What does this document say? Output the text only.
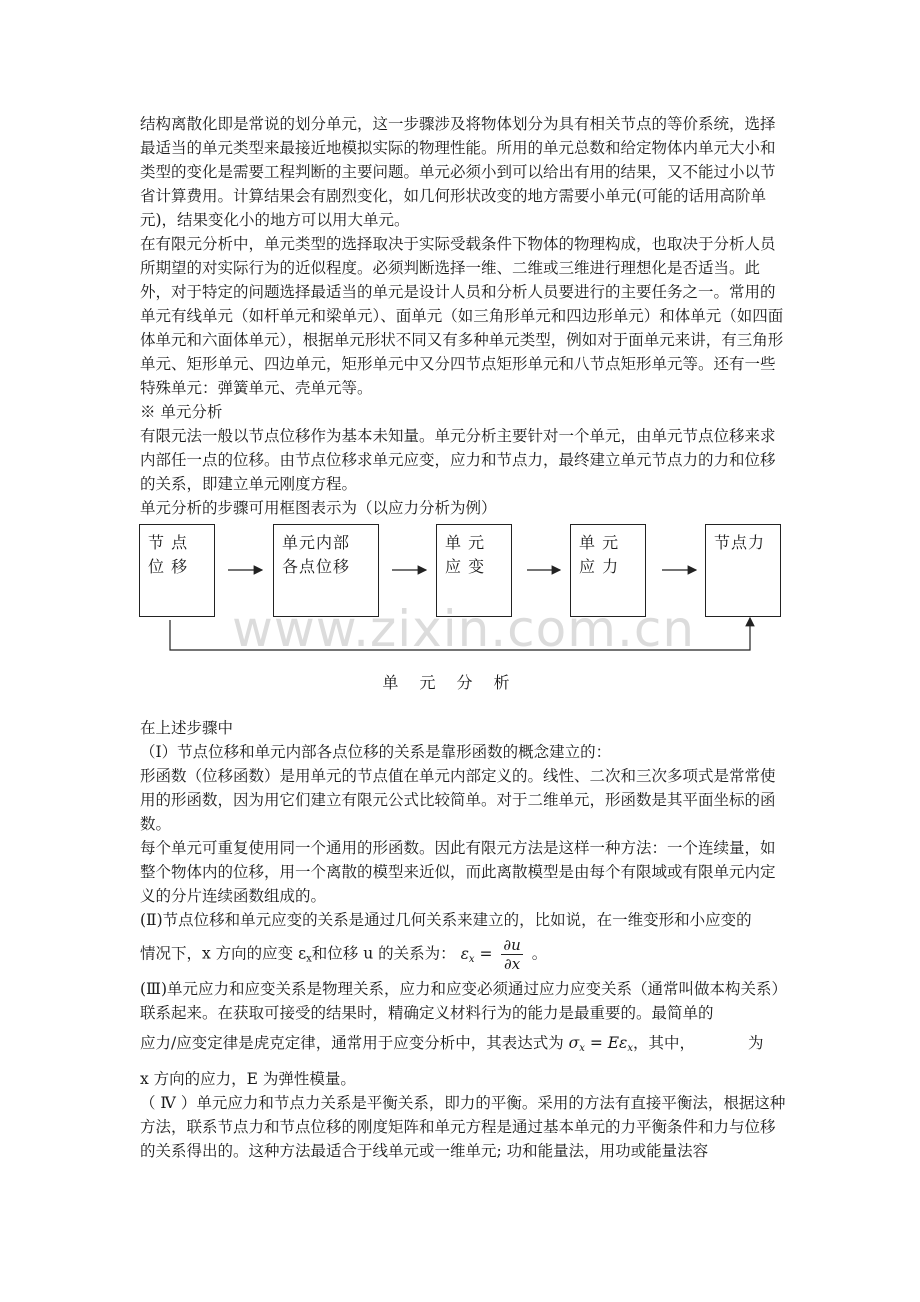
结构离散化即是常说的划分单元，这一步骤涉及将物体划分为具有相关节点的等价系统，选择最适当的单元类型来最接近地模拟实际的物理性能。所用的单元总数和给定物体内单元大小和类型的变化是需要工程判断的主要问题。单元必须小到可以给出有用的结果，又不能过小以节省计算费用。计算结果会有剧烈变化，如几何形状改变的地方需要小单元(可能的话用高阶单元)，结果变化小的地方可以用大单元。

在有限元分析中，单元类型的选择取决于实际受载条件下物体的物理构成，也取决于分析人员所期望的对实际行为的近似程度。必须判断选择一维、二维或三维进行理想化是否适当。此外，对于特定的问题选择最适当的单元是设计人员和分析人员要进行的主要任务之一。常用的单元有线单元（如杆单元和梁单元）、面单元（如三角形单元和四边形单元）和体单元（如四面体单元和六面体单元），根据单元形状不同又有多种单元类型，例如对于面单元来讲，有三角形单元、矩形单元、四边单元，矩形单元中又分四节点矩形单元和八节点矩形单元等。还有一些特殊单元：弹簧单元、壳单元等。

※ 单元分析

有限元法一般以节点位移作为基本未知量。单元分析主要针对一个单元，由单元节点位移来求内部任一点的位移。由节点位移求单元应变，应力和节点力，最终建立单元节点力的力和位移的关系，即建立单元刚度方程。

单元分析的步骤可用框图表示为（以应力分析为例）

www.zixin.com.cn
节 点
位 移
单元内部
各点位移
单 元
应 变
单 元
应 力
节点力
单 元 分 析

在上述步骤中

（Ⅰ）节点位移和单元内部各点位移的关系是靠形函数的概念建立的：

形函数（位移函数）是用单元的节点值在单元内部定义的。线性、二次和三次多项式是常常使用的形函数，因为用它们建立有限元公式比较简单。对于二维单元，形函数是其平面坐标的函数。

每个单元可重复使用同一个通用的形函数。因此有限元方法是这样一种方法：一个连续量，如整个物体内的位移，用一个离散的模型来近似，而此离散模型是由每个有限域或有限单元内定义的分片连续函数组成的。

(Ⅱ)节点位移和单元应变的关系是通过几何关系来建立的，比如说，在一维变形和小应变的

情况下，x 方向的应变 $\varepsilon_x$和位移 u 的关系为： $\varepsilon_x = \frac{\partial u}{\partial x}$ 。

(Ⅲ)单元应力和应变关系是物理关系，应力和应变必须通过应力应变关系（通常叫做本构关系）联系起来。在获取可接受的结果时，精确定义材料行为的能力是最重要的。最简单的

应力/应变定律是虎克定律，通常用于应变分析中，其表达式为 $\sigma_x = E\varepsilon_x$，其中，	为

x 方向的应力，E 为弹性模量。

（ Ⅳ ）单元应力和节点力关系是平衡关系，即力的平衡。采用的方法有直接平衡法，根据这种方法，联系节点力和节点位移的刚度矩阵和单元方程是通过基本单元的力平衡条件和力与位移的关系得出的。这种方法最适合于线单元或一维单元; 功和能量法，用功或能量法容
